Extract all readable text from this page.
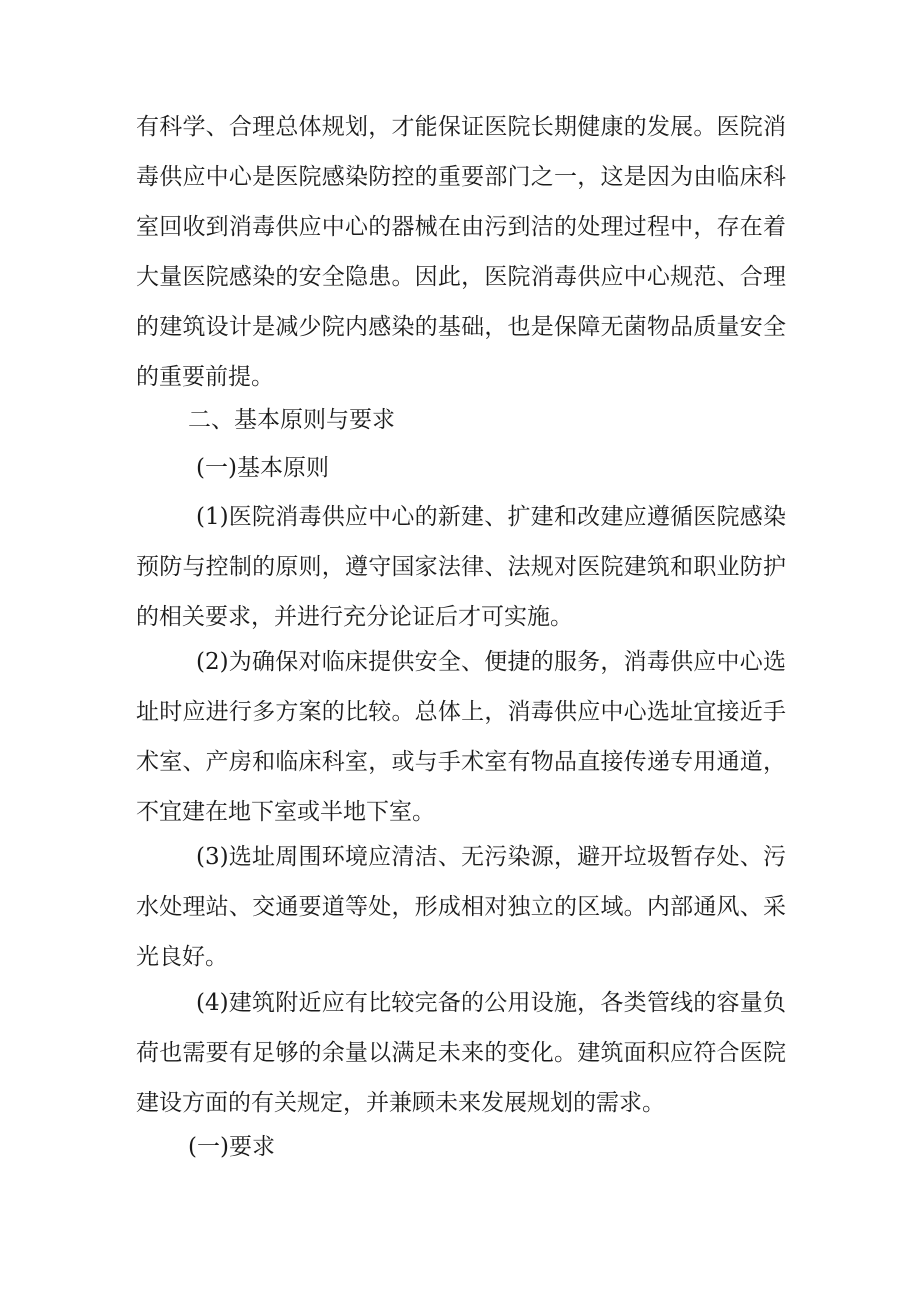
有科学、合理总体规划，才能保证医院长期健康的发展。医院消
毒供应中心是医院感染防控的重要部门之一，这是因为由临床科
室回收到消毒供应中心的器械在由污到洁的处理过程中，存在着
大量医院感染的安全隐患。因此，医院消毒供应中心规范、合理
的建筑设计是减少院内感染的基础，也是保障无菌物品质量安全
的重要前提。
二、基本原则与要求
(一)基本原则
(1)医院消毒供应中心的新建、扩建和改建应遵循医院感染
预防与控制的原则，遵守国家法律、法规对医院建筑和职业防护
的相关要求，并进行充分论证后才可实施。
(2)为确保对临床提供安全、便捷的服务，消毒供应中心选
址时应进行多方案的比较。总体上，消毒供应中心选址宜接近手
术室、产房和临床科室，或与手术室有物品直接传递专用通道，
不宜建在地下室或半地下室。
(3)选址周围环境应清洁、无污染源，避开垃圾暂存处、污
水处理站、交通要道等处，形成相对独立的区域。内部通风、采
光良好。
(4)建筑附近应有比较完备的公用设施，各类管线的容量负
荷也需要有足够的余量以满足未来的变化。建筑面积应符合医院
建设方面的有关规定，并兼顾未来发展规划的需求。
(一)要求
